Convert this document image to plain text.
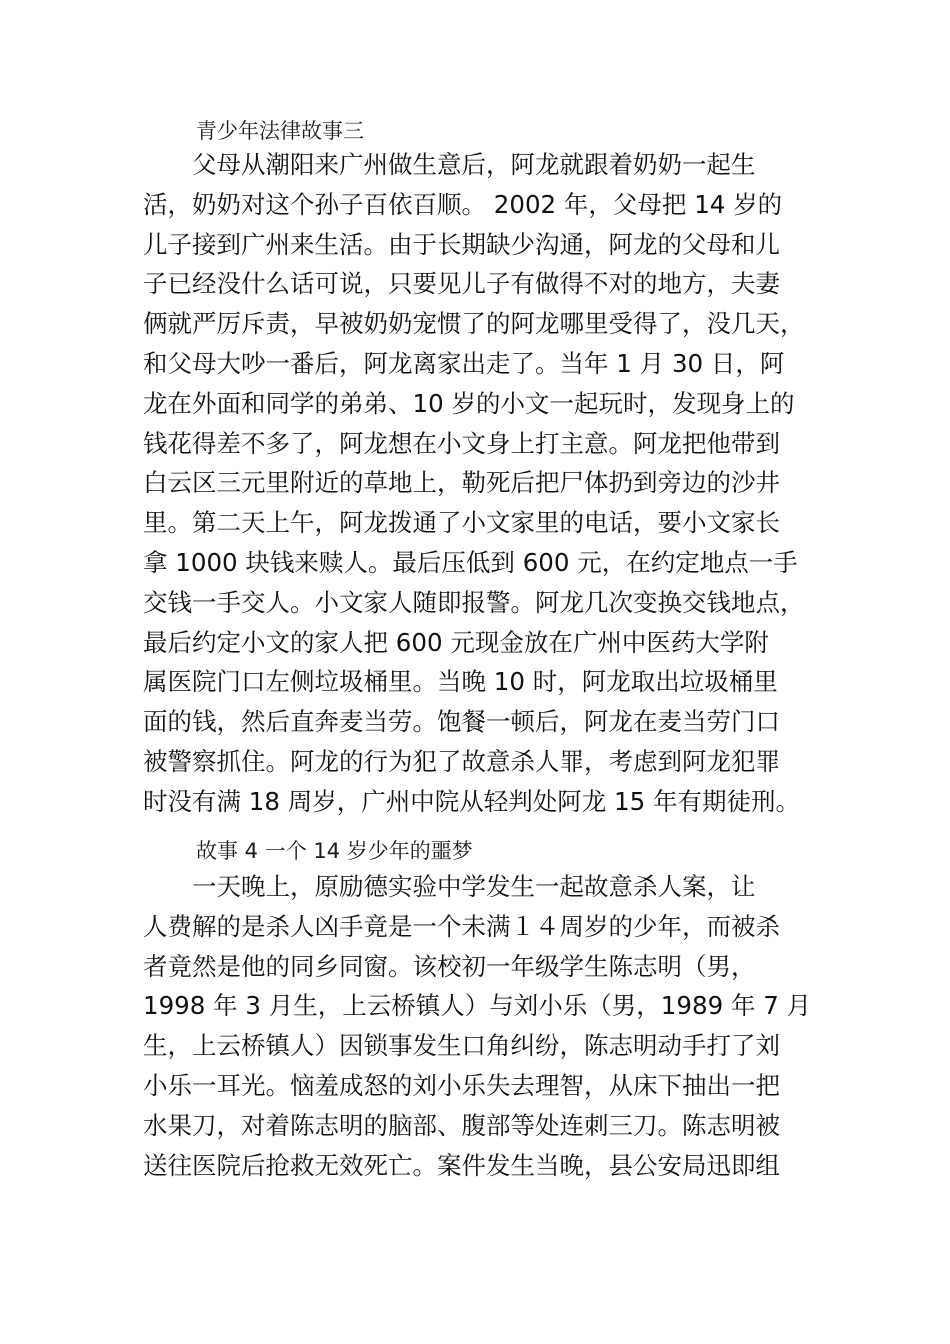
青少年法律故事三
　　父母从潮阳来广州做生意后，阿龙就跟着奶奶一起生
活，奶奶对这个孙子百依百顺。 2002 年，父母把 14 岁的
儿子接到广州来生活。由于长期缺少沟通，阿龙的父母和儿
子已经没什么话可说，只要见儿子有做得不对的地方，夫妻
俩就严厉斥责，早被奶奶宠惯了的阿龙哪里受得了，没几天，
和父母大吵一番后，阿龙离家出走了。当年 1 月 30 日，阿
龙在外面和同学的弟弟、10 岁的小文一起玩时，发现身上的
钱花得差不多了，阿龙想在小文身上打主意。阿龙把他带到
白云区三元里附近的草地上，勒死后把尸体扔到旁边的沙井
里。第二天上午，阿龙拨通了小文家里的电话，要小文家长
拿 1000 块钱来赎人。最后压低到 600 元，在约定地点一手
交钱一手交人。小文家人随即报警。阿龙几次变换交钱地点，
最后约定小文的家人把 600 元现金放在广州中医药大学附
属医院门口左侧垃圾桶里。当晚 10 时，阿龙取出垃圾桶里
面的钱，然后直奔麦当劳。饱餐一顿后，阿龙在麦当劳门口
被警察抓住。阿龙的行为犯了故意杀人罪，考虑到阿龙犯罪
时没有满 18 周岁，广州中院从轻判处阿龙 15 年有期徒刑。
故事 4 一个 14 岁少年的噩梦
　　一天晚上，原励德实验中学发生一起故意杀人案，让
人费解的是杀人凶手竟是一个未满１４周岁的少年，而被杀
者竟然是他的同乡同窗。该校初一年级学生陈志明（男，
1998 年 3 月生，上云桥镇人）与刘小乐（男，1989 年 7 月
生，上云桥镇人）因锁事发生口角纠纷，陈志明动手打了刘
小乐一耳光。恼羞成怒的刘小乐失去理智，从床下抽出一把
水果刀，对着陈志明的脑部、腹部等处连刺三刀。陈志明被
送往医院后抢救无效死亡。案件发生当晚，县公安局迅即组
